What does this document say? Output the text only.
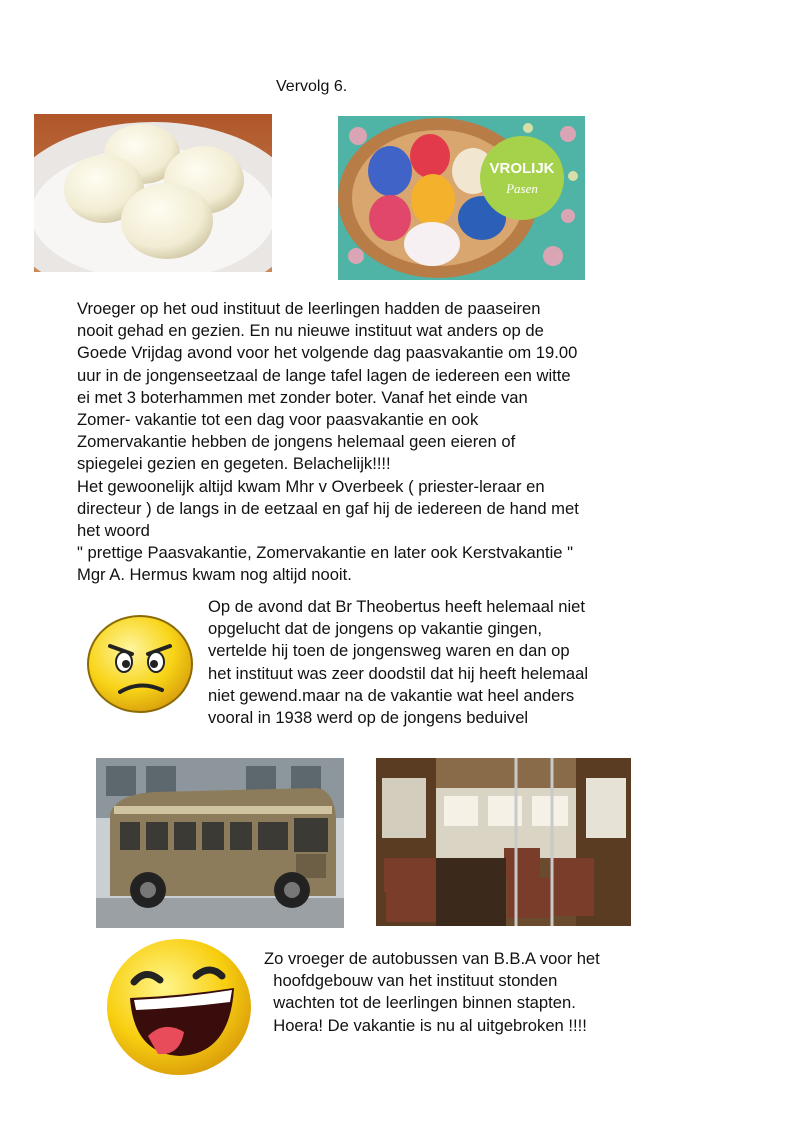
Vervolg 6.
VROLIJK
Pasen
Vroeger op het oud instituut de leerlingen hadden de paaseiren
nooit gehad en gezien. En nu nieuwe instituut wat anders op de
Goede Vrijdag avond voor het volgende dag paasvakantie om 19.00
uur in de jongenseetzaal de lange tafel lagen de iedereen een witte
ei met 3 boterhammen met zonder boter. Vanaf het einde van
Zomer- vakantie tot een dag voor paasvakantie en ook
Zomervakantie hebben de jongens helemaal geen eieren of
spiegelei gezien en gegeten. Belachelijk!!!!
Het gewoonelijk altijd kwam Mhr v Overbeek ( priester-leraar en
directeur ) de langs in de eetzaal en gaf hij de iedereen de hand met
het woord
" prettige Paasvakantie, Zomervakantie en later ook Kerstvakantie "
Mgr A. Hermus kwam nog altijd nooit.
Op de avond dat Br Theobertus heeft helemaal niet
opgelucht dat de jongens op vakantie gingen,
vertelde hij toen de jongensweg waren en dan op
het instituut was zeer doodstil dat hij heeft helemaal
niet gewend.maar na de vakantie wat heel anders
vooral in 1938 werd op de jongens beduivel
Zo vroeger de autobussen van B.B.A voor het
hoofdgebouw van het instituut stonden
wachten tot de leerlingen binnen stapten.
Hoera! De vakantie is nu al uitgebroken !!!!
